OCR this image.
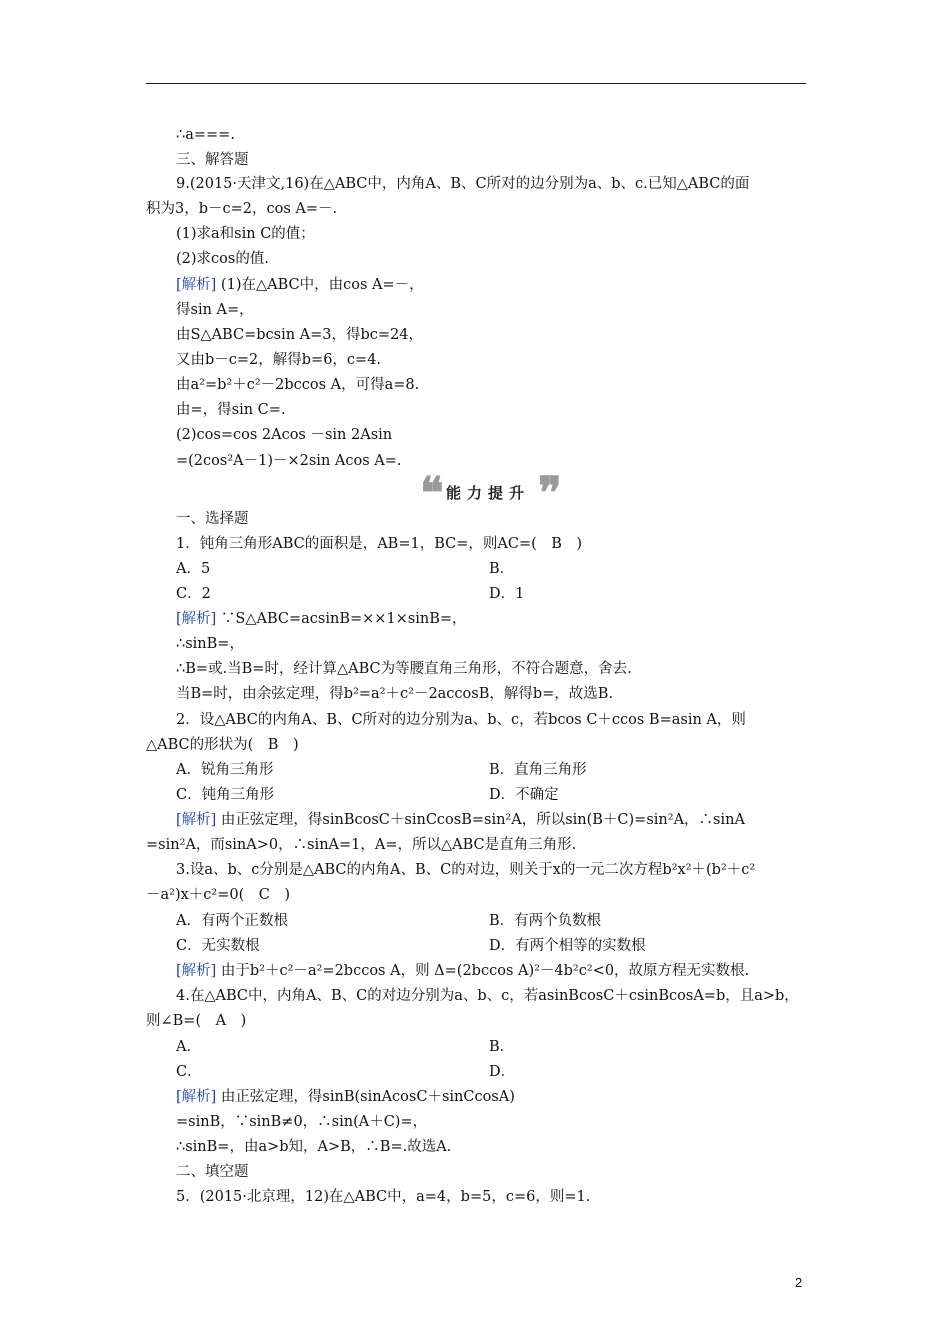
∴a===.
三、解答题
9.(2015·天津文,16)在△ABC中，内角A、B、C所对的边分别为a、b、c.已知△ABC的面
积为3，b－c=2，cos A=－.
(1)求a和sin C的值；
(2)求cos的值.
[解析] (1)在△ABC中，由cos A=－，
得sin A=，
由S△ABC=bcsin A=3，得bc=24，
又由b－c=2，解得b=6，c=4.
由a²=b²＋c²－2bccos A，可得a=8.
由=，得sin C=.
(2)cos=cos 2Acos －sin 2Asin
=(2cos²A－1)－×2sin Acos A=.
❝ 能力提升 ❞
一、选择题
1．钝角三角形ABC的面积是，AB=1，BC=，则AC=(　B　)
A．5	B．
C．2	D．1
[解析] ∵S△ABC=acsinB=××1×sinB=，
∴sinB=，
∴B=或.当B=时，经计算△ABC为等腰直角三角形，不符合题意，舍去.
当B=时，由余弦定理，得b²=a²＋c²－2accosB，解得b=，故选B.
2．设△ABC的内角A、B、C所对的边分别为a、b、c，若bcos C＋ccos B=asin A，则
△ABC的形状为(　B　)
A．锐角三角形	B．直角三角形
C．钝角三角形	D．不确定
[解析] 由正弦定理，得sinBcosC＋sinCcosB=sin²A，所以sin(B＋C)=sin²A，∴sinA
=sin²A，而sinA>0，∴sinA=1，A=，所以△ABC是直角三角形.
3.设a、b、c分别是△ABC的内角A、B、C的对边，则关于x的一元二次方程b²x²＋(b²＋c²
－a²)x＋c²=0(　C　)
A．有两个正数根	B．有两个负数根
C．无实数根	D．有两个相等的实数根
[解析] 由于b²＋c²－a²=2bccos A，则 Δ=(2bccos A)²－4b²c²<0，故原方程无实数根.
4.在△ABC中，内角A、B、C的对边分别为a、b、c，若asinBcosC＋csinBcosA=b，且a>b，
则∠B=(　A　)
A．	B．
C．	D．
[解析] 由正弦定理，得sinB(sinAcosC＋sinCcosA)
=sinB，∵sinB≠0，∴sin(A＋C)=，
∴sinB=，由a>b知，A>B，∴B=.故选A.
二、填空题
5．(2015·北京理，12)在△ABC中，a=4，b=5，c=6，则=1.
2
